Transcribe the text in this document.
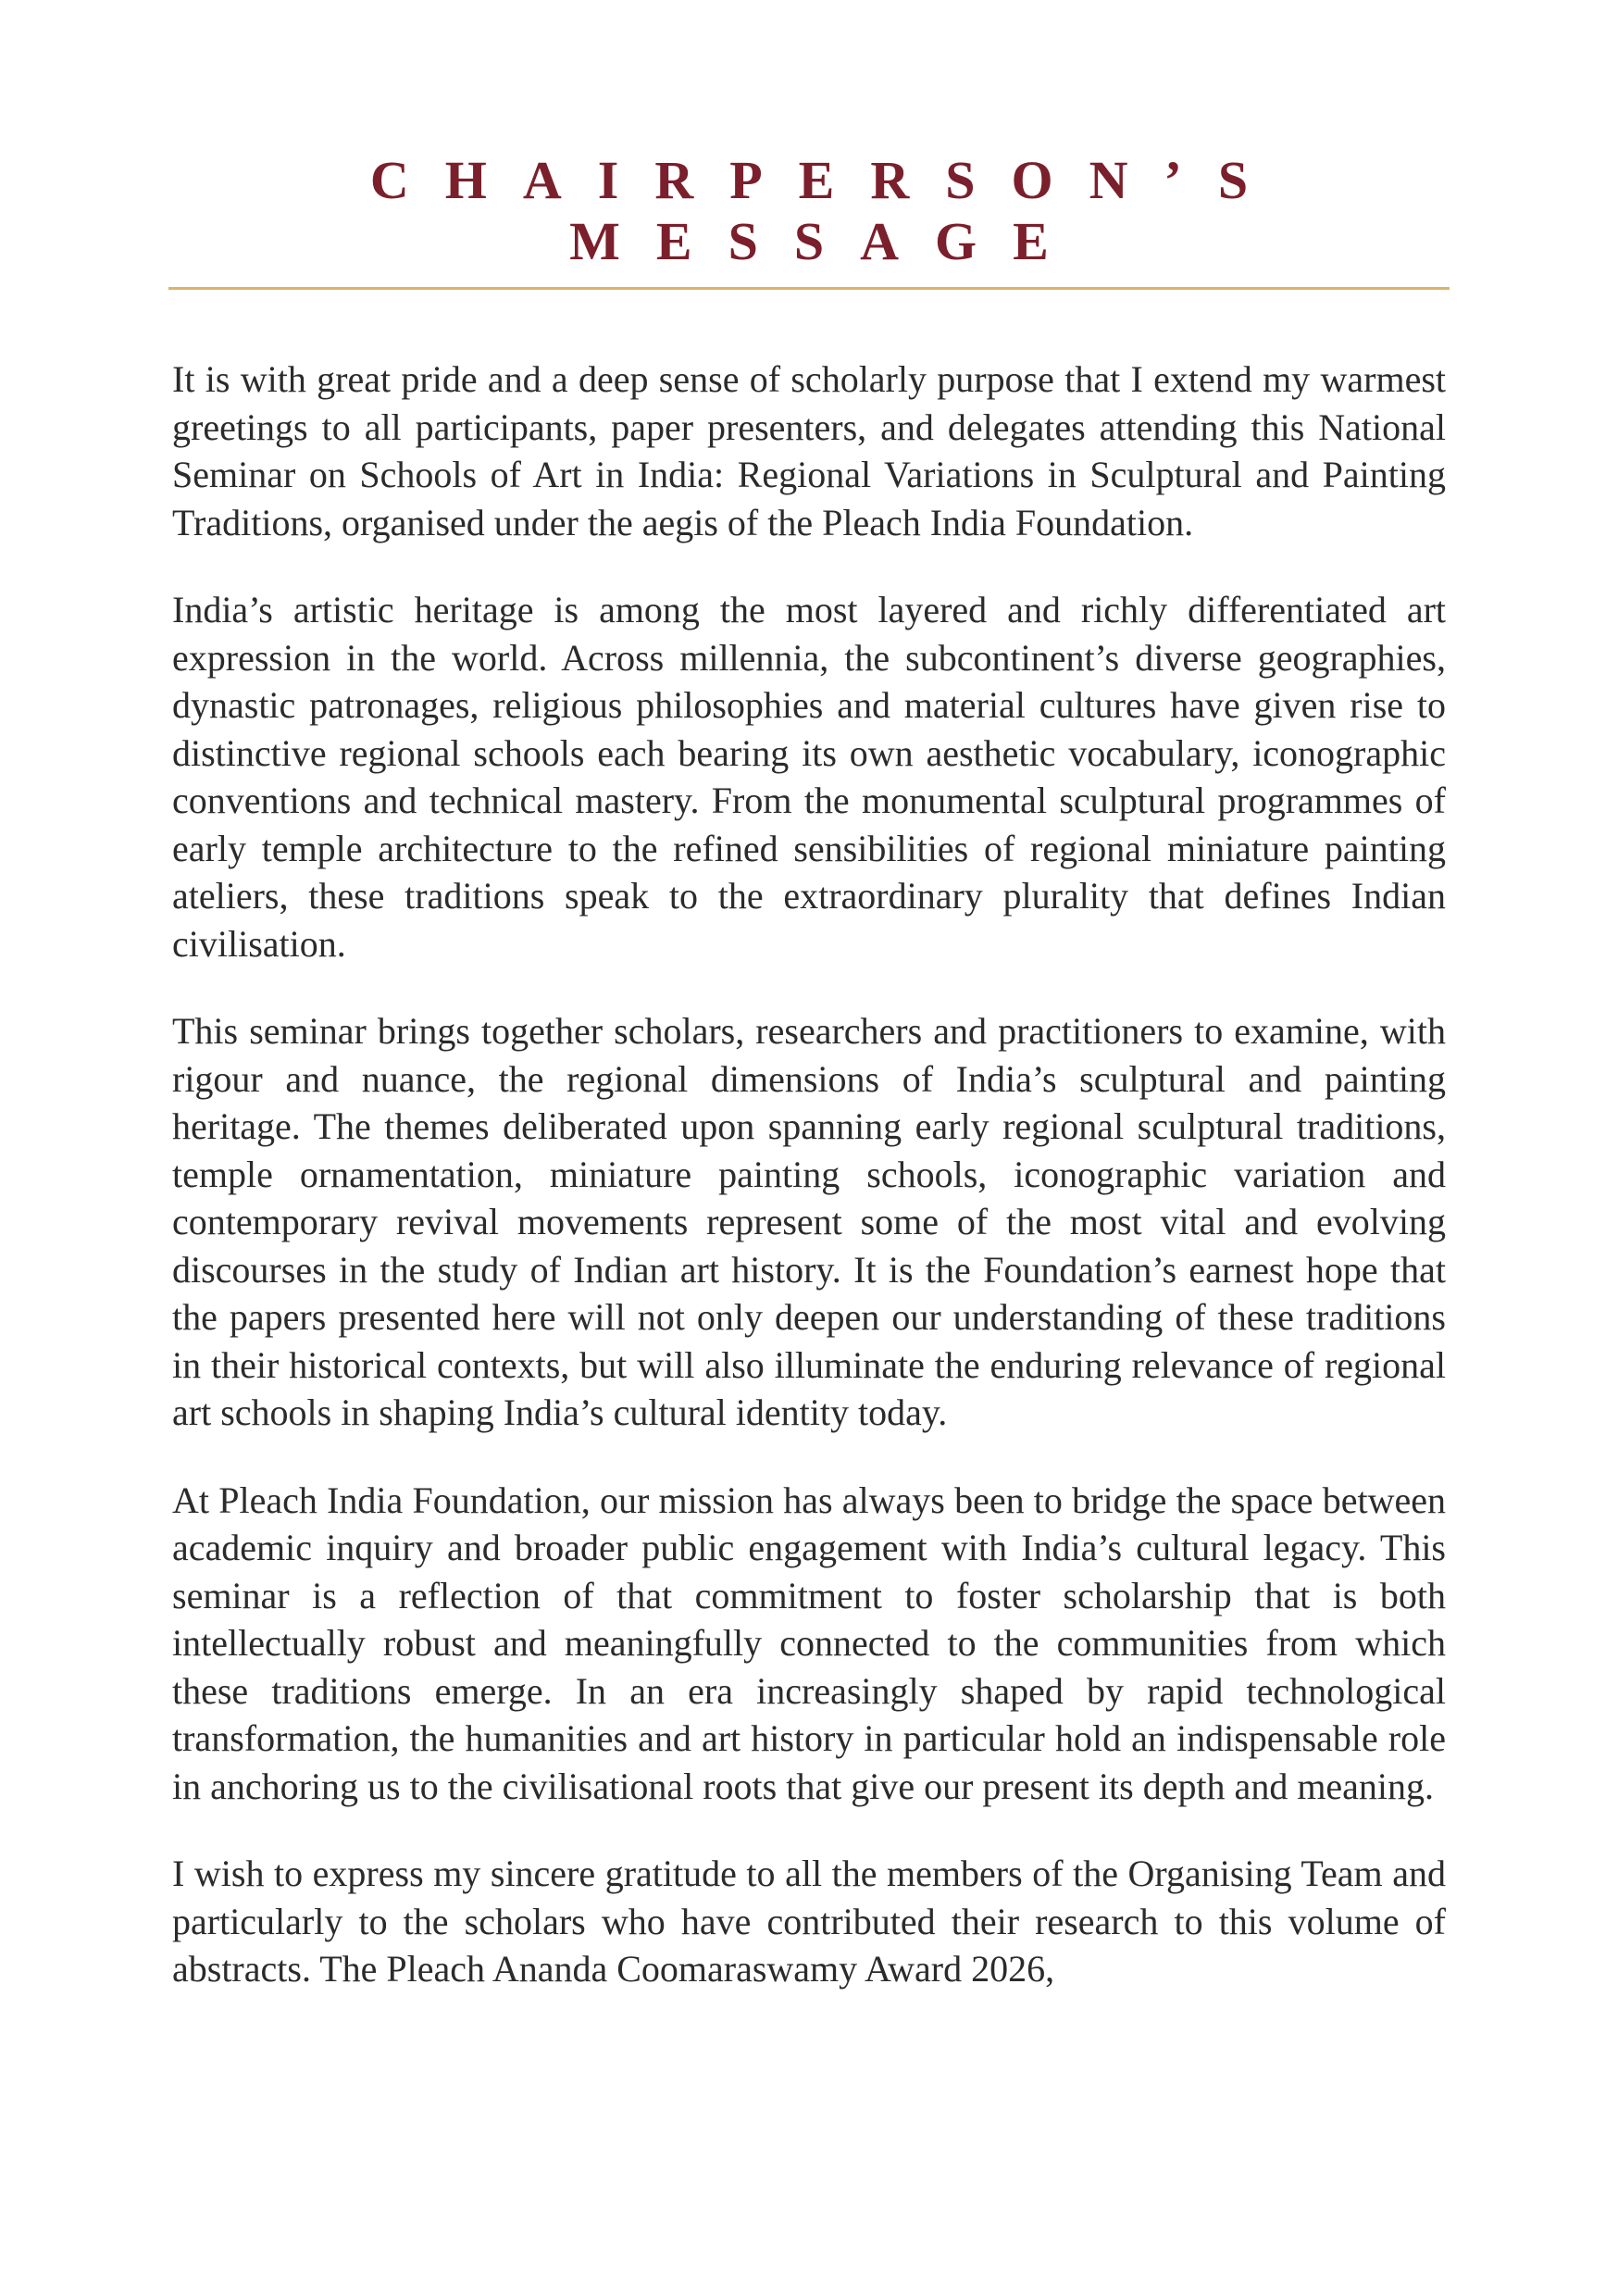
CHAIRPERSON’S
MESSAGE

It is with great pride and a deep sense of scholarly purpose that I extend my warmest greetings to all participants, paper presenters, and delegates attending this National Seminar on Schools of Art in India: Regional Variations in Sculptural and Painting Traditions, organised under the aegis of the Pleach India Foundation.

India’s artistic heritage is among the most layered and richly differentiated art expression in the world. Across millennia, the subcontinent’s diverse geographies, dynastic patronages, religious philosophies and material cultures have given rise to distinctive regional schools each bearing its own aesthetic vocabulary, iconographic conventions and technical mastery. From the monumental sculptural programmes of early temple architecture to the refined sensibilities of regional miniature painting ateliers, these traditions speak to the extraordinary plurality that defines Indian civilisation.

This seminar brings together scholars, researchers and practitioners to examine, with rigour and nuance, the regional dimensions of India’s sculptural and painting heritage. The themes deliberated upon spanning early regional sculptural traditions, temple ornamentation, miniature painting schools, iconographic variation and contemporary revival movements represent some of the most vital and evolving discourses in the study of Indian art history. It is the Foundation’s earnest hope that the papers presented here will not only deepen our understanding of these traditions in their historical contexts, but will also illuminate the enduring relevance of regional art schools in shaping India’s cultural identity today.

At Pleach India Foundation, our mission has always been to bridge the space between academic inquiry and broader public engagement with India’s cultural legacy. This seminar is a reflection of that commitment to foster scholarship that is both intellectually robust and meaningfully connected to the communities from which these traditions emerge. In an era increasingly shaped by rapid technological transformation, the humanities and art history in particular hold an indispensable role in anchoring us to the civilisational roots that give our present its depth and meaning.

I wish to express my sincere gratitude to all the members of the Organising Team and particularly to the scholars who have contributed their research to this volume of abstracts. The Pleach Ananda Coomaraswamy Award 2026,
